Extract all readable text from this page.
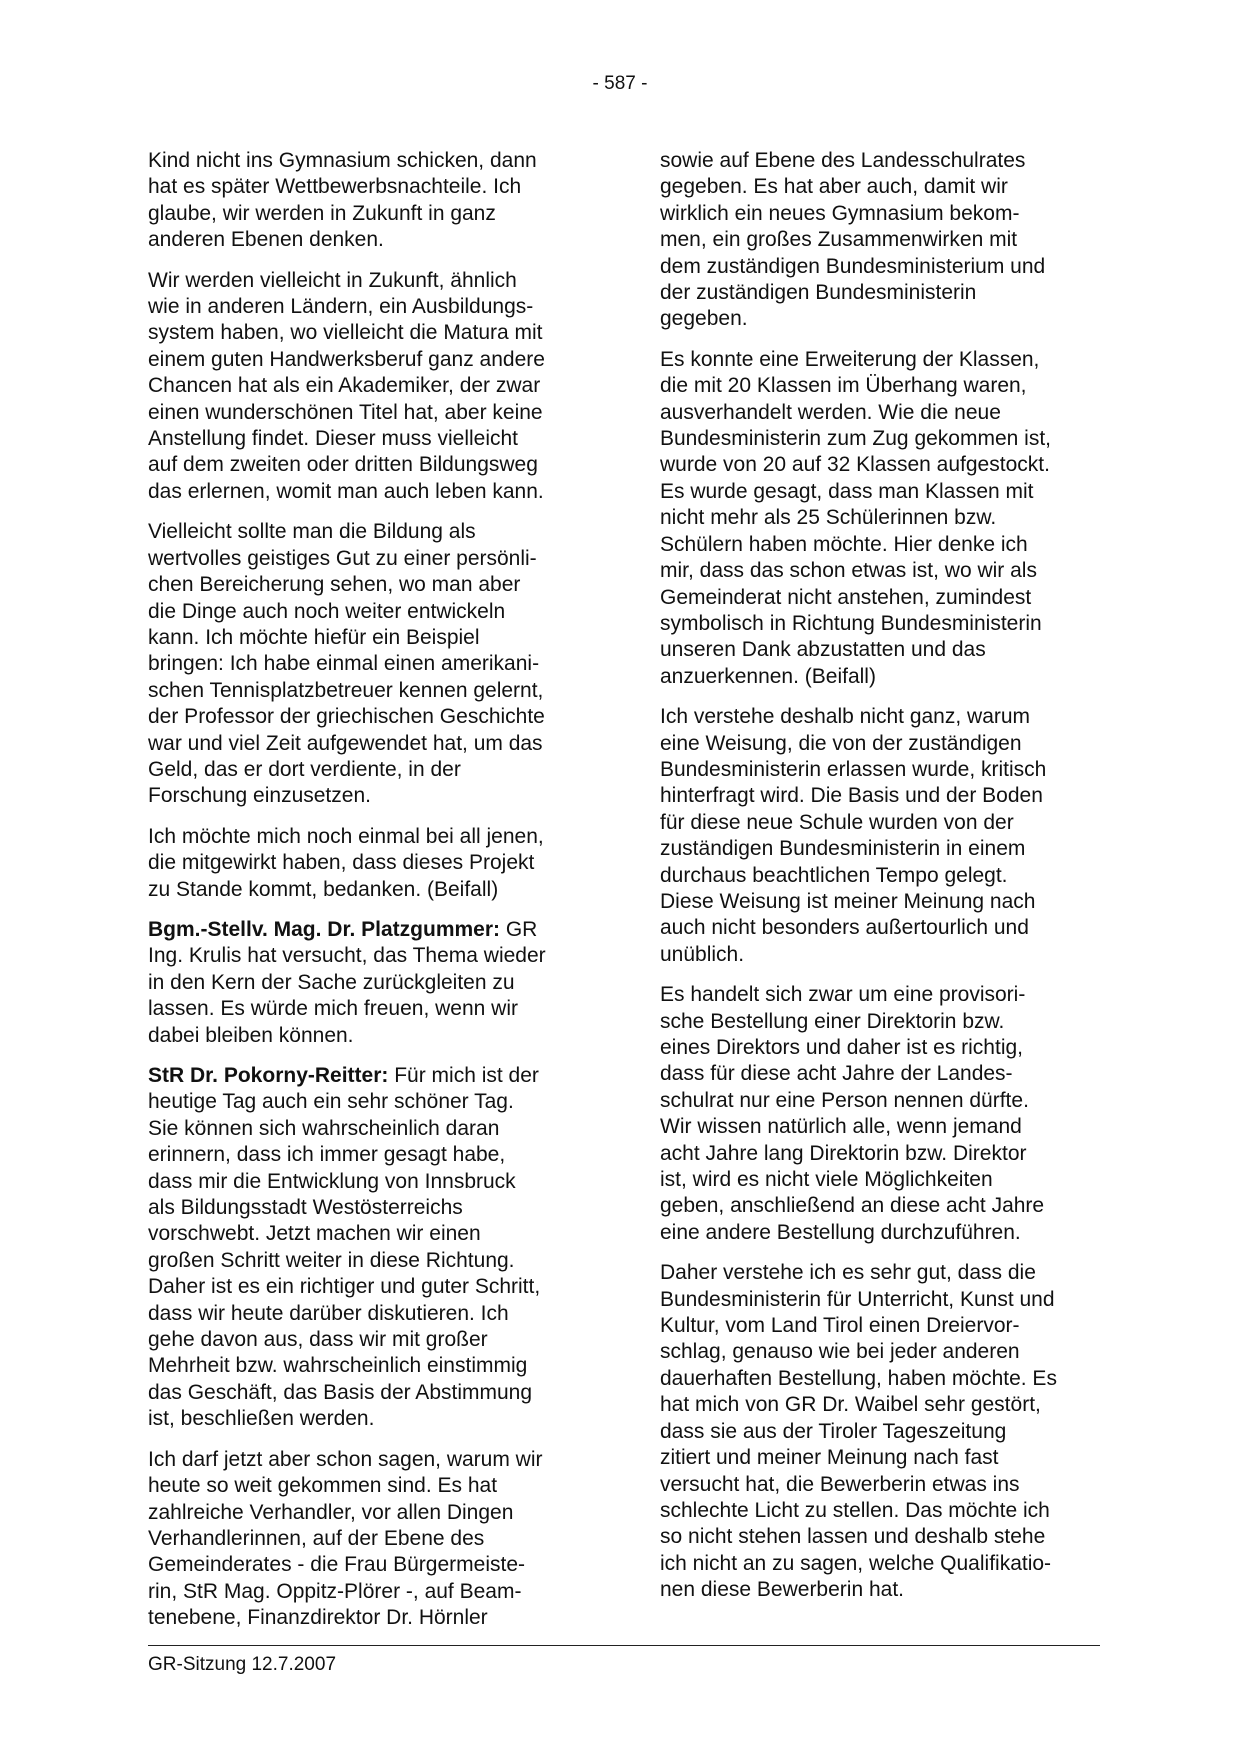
- 587 -

Kind nicht ins Gymnasium schicken, dann
hat es später Wettbewerbsnachteile. Ich
glaube, wir werden in Zukunft in ganz
anderen Ebenen denken.

Wir werden vielleicht in Zukunft, ähnlich
wie in anderen Ländern, ein Ausbildungs-
system haben, wo vielleicht die Matura mit
einem guten Handwerksberuf ganz andere
Chancen hat als ein Akademiker, der zwar
einen wunderschönen Titel hat, aber keine
Anstellung findet. Dieser muss vielleicht
auf dem zweiten oder dritten Bildungsweg
das erlernen, womit man auch leben kann.

Vielleicht sollte man die Bildung als
wertvolles geistiges Gut zu einer persönli-
chen Bereicherung sehen, wo man aber
die Dinge auch noch weiter entwickeln
kann. Ich möchte hiefür ein Beispiel
bringen: Ich habe einmal einen amerikani-
schen Tennisplatzbetreuer kennen gelernt,
der Professor der griechischen Geschichte
war und viel Zeit aufgewendet hat, um das
Geld, das er dort verdiente, in der
Forschung einzusetzen.

Ich möchte mich noch einmal bei all jenen,
die mitgewirkt haben, dass dieses Projekt
zu Stande kommt, bedanken. (Beifall)

Bgm.-Stellv. Mag. Dr. Platzgummer: GR
Ing. Krulis hat versucht, das Thema wieder
in den Kern der Sache zurückgleiten zu
lassen. Es würde mich freuen, wenn wir
dabei bleiben können.

StR Dr. Pokorny-Reitter: Für mich ist der
heutige Tag auch ein sehr schöner Tag.
Sie können sich wahrscheinlich daran
erinnern, dass ich immer gesagt habe,
dass mir die Entwicklung von Innsbruck
als Bildungsstadt Westösterreichs
vorschwebt. Jetzt machen wir einen
großen Schritt weiter in diese Richtung.
Daher ist es ein richtiger und guter Schritt,
dass wir heute darüber diskutieren. Ich
gehe davon aus, dass wir mit großer
Mehrheit bzw. wahrscheinlich einstimmig
das Geschäft, das Basis der Abstimmung
ist, beschließen werden.

Ich darf jetzt aber schon sagen, warum wir
heute so weit gekommen sind. Es hat
zahlreiche Verhandler, vor allen Dingen
Verhandlerinnen, auf der Ebene des
Gemeinderates - die Frau Bürgermeiste-
rin, StR Mag. Oppitz-Plörer -, auf Beam-
tenebene, Finanzdirektor Dr. Hörnler

sowie auf Ebene des Landesschulrates
gegeben. Es hat aber auch, damit wir
wirklich ein neues Gymnasium bekom-
men, ein großes Zusammenwirken mit
dem zuständigen Bundesministerium und
der zuständigen Bundesministerin
gegeben.

Es konnte eine Erweiterung der Klassen,
die mit 20 Klassen im Überhang waren,
ausverhandelt werden. Wie die neue
Bundesministerin zum Zug gekommen ist,
wurde von 20 auf 32 Klassen aufgestockt.
Es wurde gesagt, dass man Klassen mit
nicht mehr als 25 Schülerinnen bzw.
Schülern haben möchte. Hier denke ich
mir, dass das schon etwas ist, wo wir als
Gemeinderat nicht anstehen, zumindest
symbolisch in Richtung Bundesministerin
unseren Dank abzustatten und das
anzuerkennen. (Beifall)

Ich verstehe deshalb nicht ganz, warum
eine Weisung, die von der zuständigen
Bundesministerin erlassen wurde, kritisch
hinterfragt wird. Die Basis und der Boden
für diese neue Schule wurden von der
zuständigen Bundesministerin in einem
durchaus beachtlichen Tempo gelegt.
Diese Weisung ist meiner Meinung nach
auch nicht besonders außertourlich und
unüblich.

Es handelt sich zwar um eine provisori-
sche Bestellung einer Direktorin bzw.
eines Direktors und daher ist es richtig,
dass für diese acht Jahre der Landes-
schulrat nur eine Person nennen dürfte.
Wir wissen natürlich alle, wenn jemand
acht Jahre lang Direktorin bzw. Direktor
ist, wird es nicht viele Möglichkeiten
geben, anschließend an diese acht Jahre
eine andere Bestellung durchzuführen.

Daher verstehe ich es sehr gut, dass die
Bundesministerin für Unterricht, Kunst und
Kultur, vom Land Tirol einen Dreiervor-
schlag, genauso wie bei jeder anderen
dauerhaften Bestellung, haben möchte. Es
hat mich von GR Dr. Waibel sehr gestört,
dass sie aus der Tiroler Tageszeitung
zitiert und meiner Meinung nach fast
versucht hat, die Bewerberin etwas ins
schlechte Licht zu stellen. Das möchte ich
so nicht stehen lassen und deshalb stehe
ich nicht an zu sagen, welche Qualifikatio-
nen diese Bewerberin hat.

GR-Sitzung 12.7.2007
